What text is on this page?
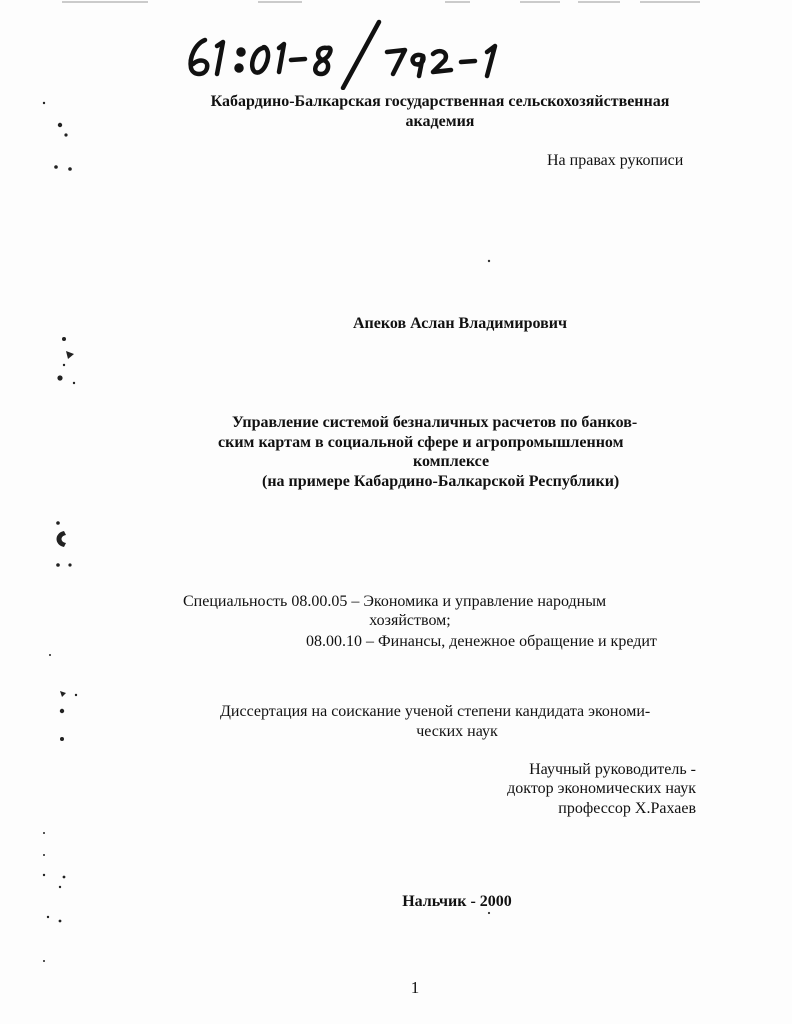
Кабардино-Балкарская государственная сельскохозяйственная
академия
На правах рукописи
Апеков Аслан Владимирович
Управление системой безналичных расчетов по банков-
ским картам в социальной сфере и агропромышленном
комплексе
(на примере Кабардино-Балкарской Республики)
Специальность 08.00.05 – Экономика и управление народным
хозяйством;
08.00.10 – Финансы, денежное обращение и кредит
Диссертация на соискание ученой степени кандидата экономи-
ческих наук
Научный руководитель -
доктор экономических наук
профессор Х.Рахаев
Нальчик - 2000
1
